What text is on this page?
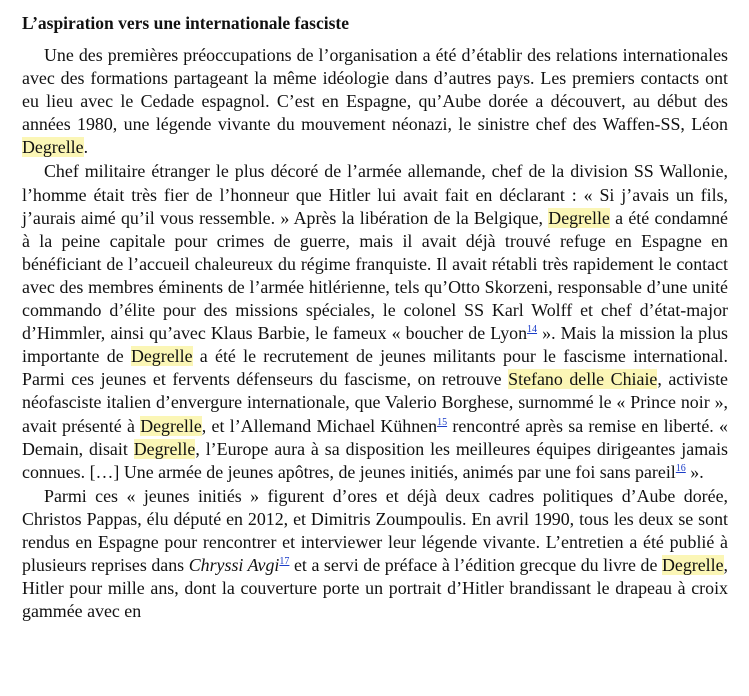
L’aspiration vers une internationale fasciste

Une des premières préoccupations de l’organisation a été d’établir des relations internationales avec des formations partageant la même idéologie dans d’autres pays. Les premiers contacts ont eu lieu avec le Cedade espagnol. C’est en Espagne, qu’Aube dorée a découvert, au début des années 1980, une légende vivante du mouvement néonazi, le sinistre chef des Waffen-SS, Léon Degrelle.

Chef militaire étranger le plus décoré de l’armée allemande, chef de la division SS Wallonie, l’homme était très fier de l’honneur que Hitler lui avait fait en déclarant : « Si j’avais un fils, j’aurais aimé qu’il vous ressemble. » Après la libération de la Belgique, Degrelle a été condamné à la peine capitale pour crimes de guerre, mais il avait déjà trouvé refuge en Espagne en bénéficiant de l’accueil chaleureux du régime franquiste. Il avait rétabli très rapidement le contact avec des membres éminents de l’armée hitlérienne, tels qu’Otto Skorzeni, responsable d’une unité commando d’élite pour des missions spéciales, le colonel SS Karl Wolff et chef d’état-major d’Himmler, ainsi qu’avec Klaus Barbie, le fameux « boucher de Lyon$^{14}$ ». Mais la mission la plus importante de Degrelle a été le recrutement de jeunes militants pour le fascisme international. Parmi ces jeunes et fervents défenseurs du fascisme, on retrouve Stefano delle Chiaie, activiste néofasciste italien d’envergure internationale, que Valerio Borghese, surnommé le « Prince noir », avait présenté à Degrelle, et l’Allemand Michael Kühnen$^{15}$ rencontré après sa remise en liberté. « Demain, disait Degrelle, l’Europe aura à sa disposition les meilleures équipes dirigeantes jamais connues. […] Une armée de jeunes apôtres, de jeunes initiés, animés par une foi sans pareil$^{16}$ ».

Parmi ces « jeunes initiés » figurent d’ores et déjà deux cadres politiques d’Aube dorée, Christos Pappas, élu député en 2012, et Dimitris Zoumpoulis. En avril 1990, tous les deux se sont rendus en Espagne pour rencontrer et interviewer leur légende vivante. L’entretien a été publié à plusieurs reprises dans Chryssi Avgi$^{17}$ et a servi de préface à l’édition grecque du livre de Degrelle, Hitler pour mille ans, dont la couverture porte un portrait d’Hitler brandissant le drapeau à croix gammée avec en
